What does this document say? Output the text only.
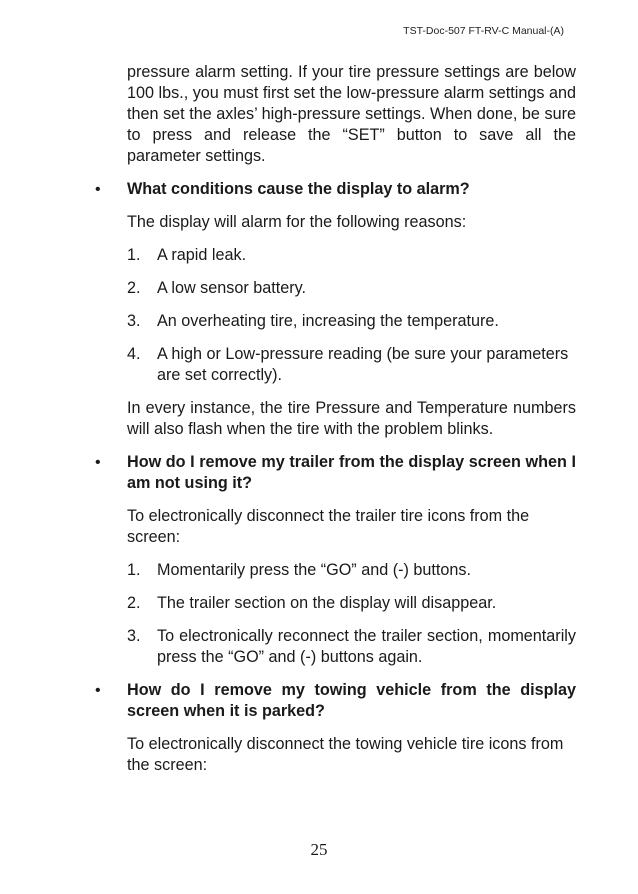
TST-Doc-507 FT-RV-C Manual-(A)

pressure alarm setting. If your tire pressure settings are below 100 lbs., you must first set the low-pressure alarm settings and then set the axles’ high-pressure settings. When done, be sure to press and release the “SET” button to save all the parameter settings.

•	What conditions cause the display to alarm?

The display will alarm for the following reasons:

1. A rapid leak.
2. A low sensor battery.
3. An overheating tire, increasing the temperature.
4. A high or Low-pressure reading (be sure your parameters are set correctly).

In every instance, the tire Pressure and Temperature numbers will also flash when the tire with the problem blinks.

•	How do I remove my trailer from the display screen when I am not using it?

To electronically disconnect the trailer tire icons from the screen:

1. Momentarily press the “GO” and (-) buttons.
2. The trailer section on the display will disappear.
3. To electronically reconnect the trailer section, momentarily press the “GO” and (-) buttons again.
•	How do I remove my towing vehicle from the display screen when it is parked?

To electronically disconnect the towing vehicle tire icons from the screen:

25
